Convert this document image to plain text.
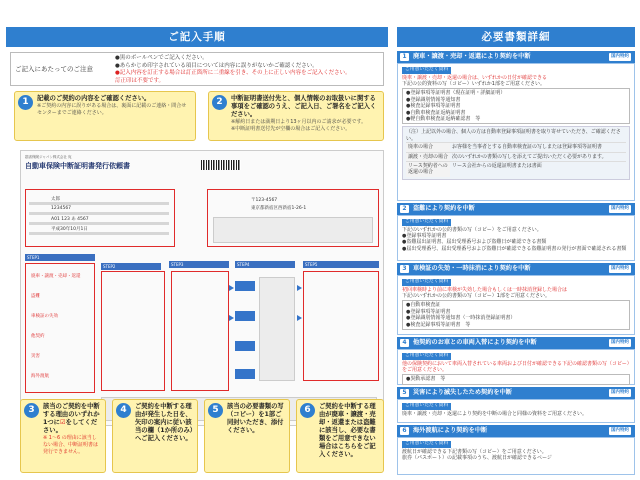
ご記入手順
ご記入にあたってのご注意
●黒のボールペンでご記入ください。
●あらかじめ印字されている項目については内容に誤りがないかご確認ください。
●記入内容を訂正する場合は訂正箇所に二重線を引き、その上に正しい内容をご記入ください。
訂正印は不要です。
1	記載のご契約の内容をご確認ください。
※ご契約の内容に誤りがある場合は、裏面に記載のご連絡・問合せセンターまでご連絡ください。
2	中断証明書送付先と、個人情報のお取扱いに関する事項をご確認のうえ、ご記入日、ご署名をご記入ください。
※解約日または満期日より13ヶ月以内のご請求が必要です。
※中断証明書送付先が空欄の場合はご記入ください。
損害保険ジャパン株式会社 宛
自動車保険中断証明書発行依頼書
太郎
1234567
A01 123 あ 4567
平成30年10月1日
〒123-4567
東京都新宿区西新宿1-26-1
廃車・譲渡・売却・返還
盗難
車検証の失効
他契約
災害
海外渡航
STEP1
STEP2	STEP3	STEP4	STEP5
3	該当のご契約を中断する理由のいずれか1つに☑をしてください。
※ 1〜6 の理由に該当しない場合、中断証明書は発行できません。
4	ご契約を中断する理由が発生した日を、矢印の案内に従い該当の欄（1か所のみ）へご記入ください。
5	該当の必要書類の写（コピー）を1部ご同封いただき、添付ください。
6	ご契約を中断する理由が廃車・譲渡・売却・返還または盗難に該当し、必要な書類をご用意できない場合はこちらをご記入ください。
必要書類詳細
1	廃車・譲渡・売却・返還により契約を中断	国内特約
ご用意いただく資料
廃車・譲渡・売却・返還の場合は、いずれかの日付が確認できる
下記の公的資料の写（コピー）いずれか1部をご用意ください。
●登録事項等証明書（現在証明・詳細証明）
●登録識別情報等通知書
●検査記録事項等証明書
●自動車検査証返納証明書
●軽自動車検査証返納確認書　等
（注）上記以外の場合、個人の方は自動車登録事項証明書を取り寄せていただき、ご確認ください。
廃車の場合	お客様を当事者とする自動車検査証の写しまたは登録事項等証明書
譲渡・売却の場合 次のいずれかの書類の写しを添えてご提出いただく必要があります。
リース契約者への返還の場合
リース会社からの返還証明書または書面
2	盗難により契約を中断	国内特約
ご用意いただく資料
下記のいずれかの公的書類の写（コピー）をご用意ください。
●登録事項等証明書
●盗難届出証明書、届出受理番号および盗難日が確認できる書類
●届出受理番号、届出受理番号および盗難日が確認できる盗難証明書の発行が書面で確認される書類
3	車検証の失効・一時抹消により契約を中断	国内特約
ご用意いただく資料
初回車検時より前に車検が失効した場合もしくは一時抹消登録した場合は
下記のいずれかの公的書類の写（コピー）1部をご用意ください。
●自動車検査証
●登録事項等証明書
●登録識別情報等通知書（一時抹消登録証明書）
●検査記録事項等証明書　等
4	他契約のお車との車両入替により契約を中断	国内特約
ご用意いただく資料
他の保険契約において車両入替されている車両および日付が確認できる下記の確認書類の写（コピー）をご用意ください。
●異動承認書　等
5	災害により滅失したため契約を中断	国内特約
ご用意いただく資料
廃車・譲渡・売却・返還により契約を中断の場合と同様の資料をご用意ください。
6	海外渡航により契約を中断	国内特約
ご用意いただく資料
渡航日が確認できる下記書類の写（コピー）をご用意ください。
旅券（パスポート）の記載事項のうち、渡航日が確認できるページ
